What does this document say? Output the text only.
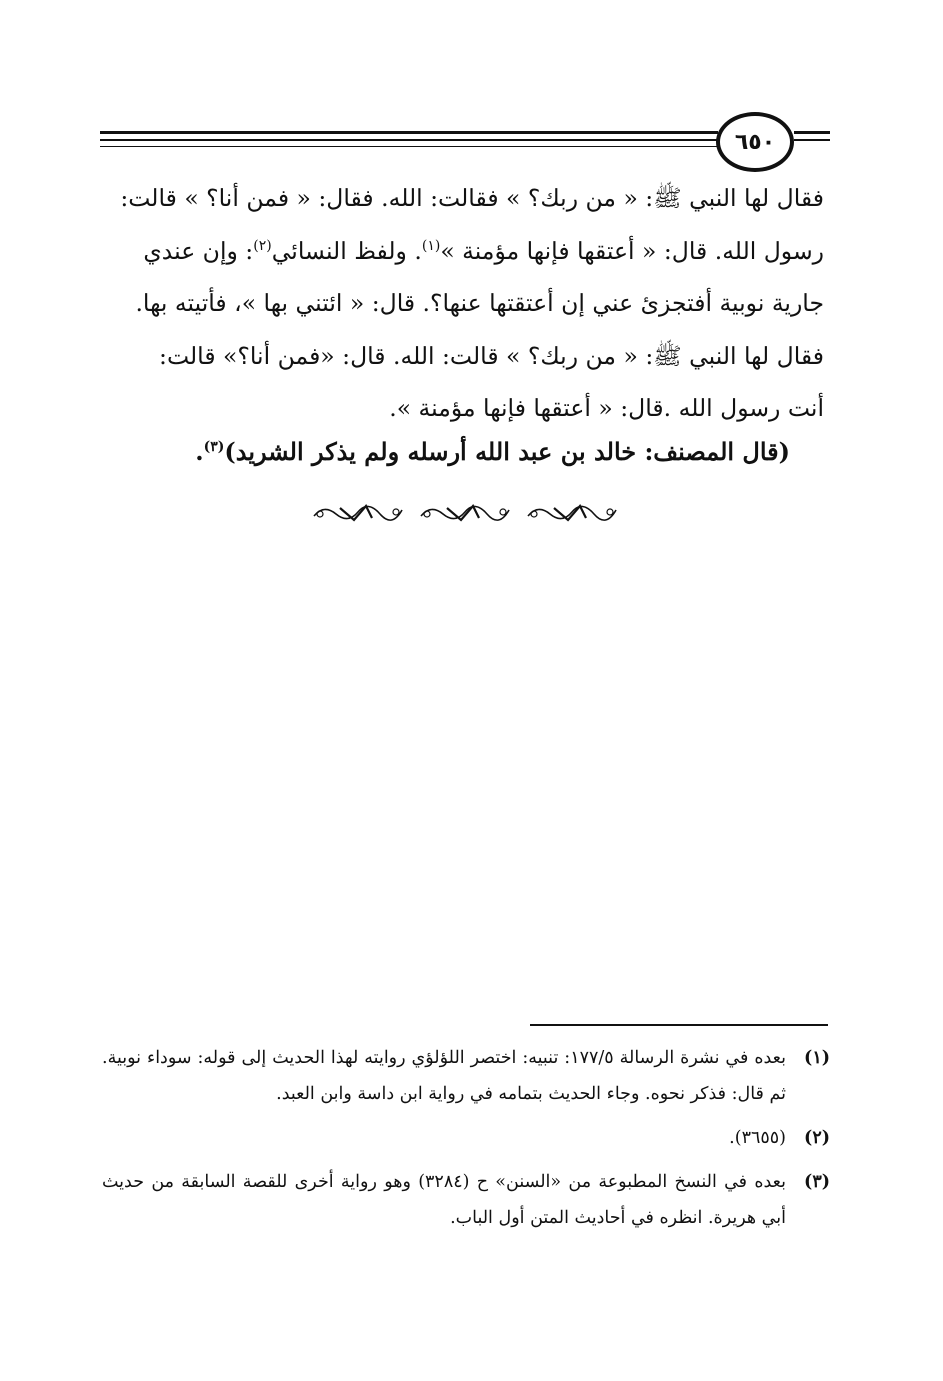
٦٥٠

فقال لها النبي ﷺ: « من ربك؟ » فقالت: الله. فقال: « فمن أنا؟ » قالت:

رسول الله. قال: « أعتقها فإنها مؤمنة »$^{(١)}$. ولفظ النسائي$^{(٢)}$: وإن عندي

جارية نوبية أفتجزئ عني إن أعتقتها عنها؟. قال: « ائتني بها »، فأتيته بها.

فقال لها النبي ﷺ: « من ربك؟ » قالت: الله. قال: «فمن أنا؟» قالت:

أنت رسول الله .قال: « أعتقها فإنها مؤمنة ».

(قال المصنف: خالد بن عبد الله أرسله ولم يذكر الشريد)$^{(٣)}$.
(١)
بعده في نشرة الرسالة ١٧٧/٥: تنبيه: اختصر اللؤلؤي روايته لهذا الحديث إلى قوله: سوداء نوبية. ثم قال: فذكر نحوه. وجاء الحديث بتمامه في رواية ابن داسة وابن العبد.
(٢)
(٣٦٥٥).
(٣)
بعده في النسخ المطبوعة من «السنن» ح (٣٢٨٤) وهو رواية أخرى للقصة السابقة من حديث أبي هريرة. انظره في أحاديث المتن أول الباب.
